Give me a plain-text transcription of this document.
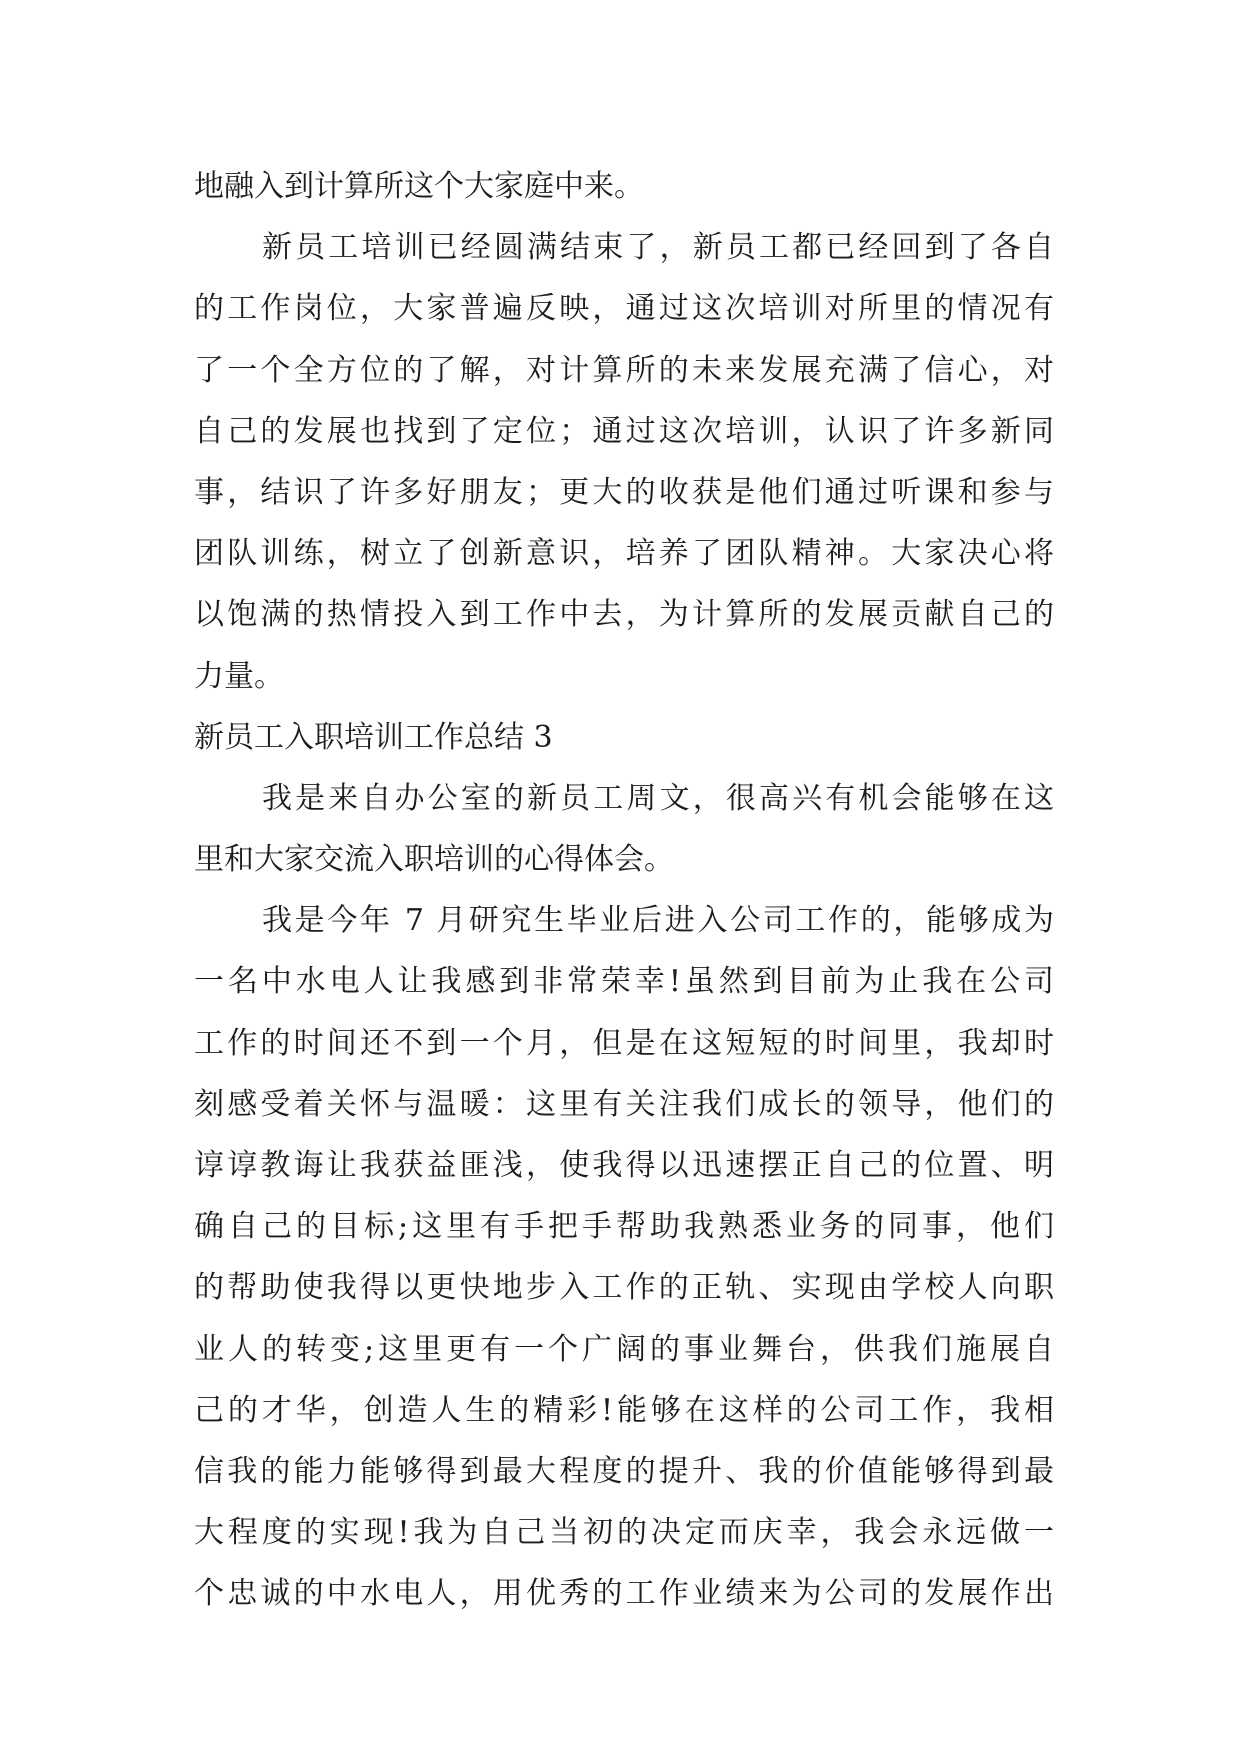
地融入到计算所这个大家庭中来。
新员工培训已经圆满结束了，新员工都已经回到了各自
的工作岗位，大家普遍反映，通过这次培训对所里的情况有
了一个全方位的了解，对计算所的未来发展充满了信心，对
自己的发展也找到了定位；通过这次培训，认识了许多新同
事，结识了许多好朋友；更大的收获是他们通过听课和参与
团队训练，树立了创新意识，培养了团队精神。大家决心将
以饱满的热情投入到工作中去，为计算所的发展贡献自己的
力量。
新员工入职培训工作总结 3
我是来自办公室的新员工周文，很高兴有机会能够在这
里和大家交流入职培训的心得体会。
我是今年 7 月研究生毕业后进入公司工作的，能够成为
一名中水电人让我感到非常荣幸!虽然到目前为止我在公司
工作的时间还不到一个月，但是在这短短的时间里，我却时
刻感受着关怀与温暖：这里有关注我们成长的领导，他们的
谆谆教诲让我获益匪浅，使我得以迅速摆正自己的位置、明
确自己的目标;这里有手把手帮助我熟悉业务的同事，他们
的帮助使我得以更快地步入工作的正轨、实现由学校人向职
业人的转变;这里更有一个广阔的事业舞台，供我们施展自
己的才华，创造人生的精彩!能够在这样的公司工作，我相
信我的能力能够得到最大程度的提升、我的价值能够得到最
大程度的实现!我为自己当初的决定而庆幸，我会永远做一
个忠诚的中水电人，用优秀的工作业绩来为公司的发展作出
